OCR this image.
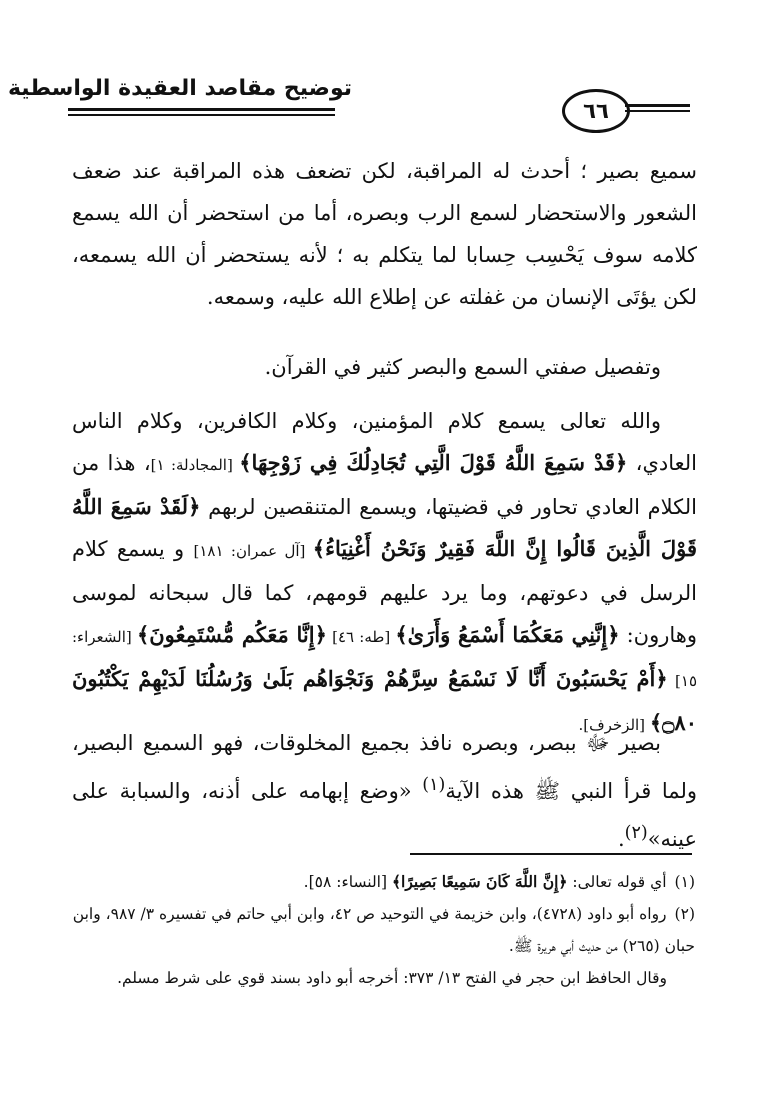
توضيح مقاصد العقيدة الواسطية
٦٦
سميع بصير ؛ أحدث له المراقبة، لكن تضعف هذه المراقبة عند ضعف الشعور والاستحضار لسمع الرب وبصره، أما من استحضر أن الله يسمع كلامه سوف يَحْسِب حِسابا لما يتكلم به ؛ لأنه يستحضر أن الله يسمعه، لكن يؤتَى الإنسان من غفلته عن إطلاع الله عليه، وسمعه.
وتفصيل صفتي السمع والبصر كثير في القرآن.
والله تعالى يسمع كلام المؤمنين، وكلام الكافرين، وكلام الناس العادي، ﴿قَدْ سَمِعَ اللَّهُ قَوْلَ الَّتِي تُجَادِلُكَ فِي زَوْجِهَا﴾ [المجادلة: ١]، هذا من الكلام العادي تحاور في قضيتها، ويسمع المتنقصين لربهم ﴿لَقَدْ سَمِعَ اللَّهُ قَوْلَ الَّذِينَ قَالُوا إِنَّ اللَّهَ فَقِيرٌ وَنَحْنُ أَغْنِيَاءُ﴾ [آل عمران: ١٨١] و يسمع كلام الرسل في دعوتهم، وما يرد عليهم قومهم، كما قال سبحانه لموسى وهارون: ﴿إِنَّنِي مَعَكُمَا أَسْمَعُ وَأَرَىٰ﴾ [طه: ٤٦] ﴿إِنَّا مَعَكُم مُّسْتَمِعُونَ﴾ [الشعراء: ١٥] ﴿أَمْ يَحْسَبُونَ أَنَّا لَا نَسْمَعُ سِرَّهُمْ وَنَجْوَاهُم بَلَىٰ وَرُسُلُنَا لَدَيْهِمْ يَكْتُبُونَ ۝٨٠﴾ [الزخرف].
بصير ﷻ ببصر، وبصره نافذ بجميع المخلوقات، فهو السميع البصير، ولما قرأ النبي ﷺ هذه الآية$^{(١)}$ «وضع إبهامه على أذنه، والسبابة على عينه»$^{(٢)}$.
(١)أي قوله تعالى: ﴿إِنَّ اللَّهَ كَانَ سَمِيعًا بَصِيرًا﴾ [النساء: ٥٨].
(٢)رواه أبو داود (٤٧٢٨)، وابن خزيمة في التوحيد ص ٤٢، وابن أبي حاتم في تفسيره ٣/ ٩٨٧، وابن حبان (٢٦٥) من حديث أبي هريرة ﷺ.
وقال الحافظ ابن حجر في الفتح ١٣/ ٣٧٣: أخرجه أبو داود بسند قوي على شرط مسلم.
